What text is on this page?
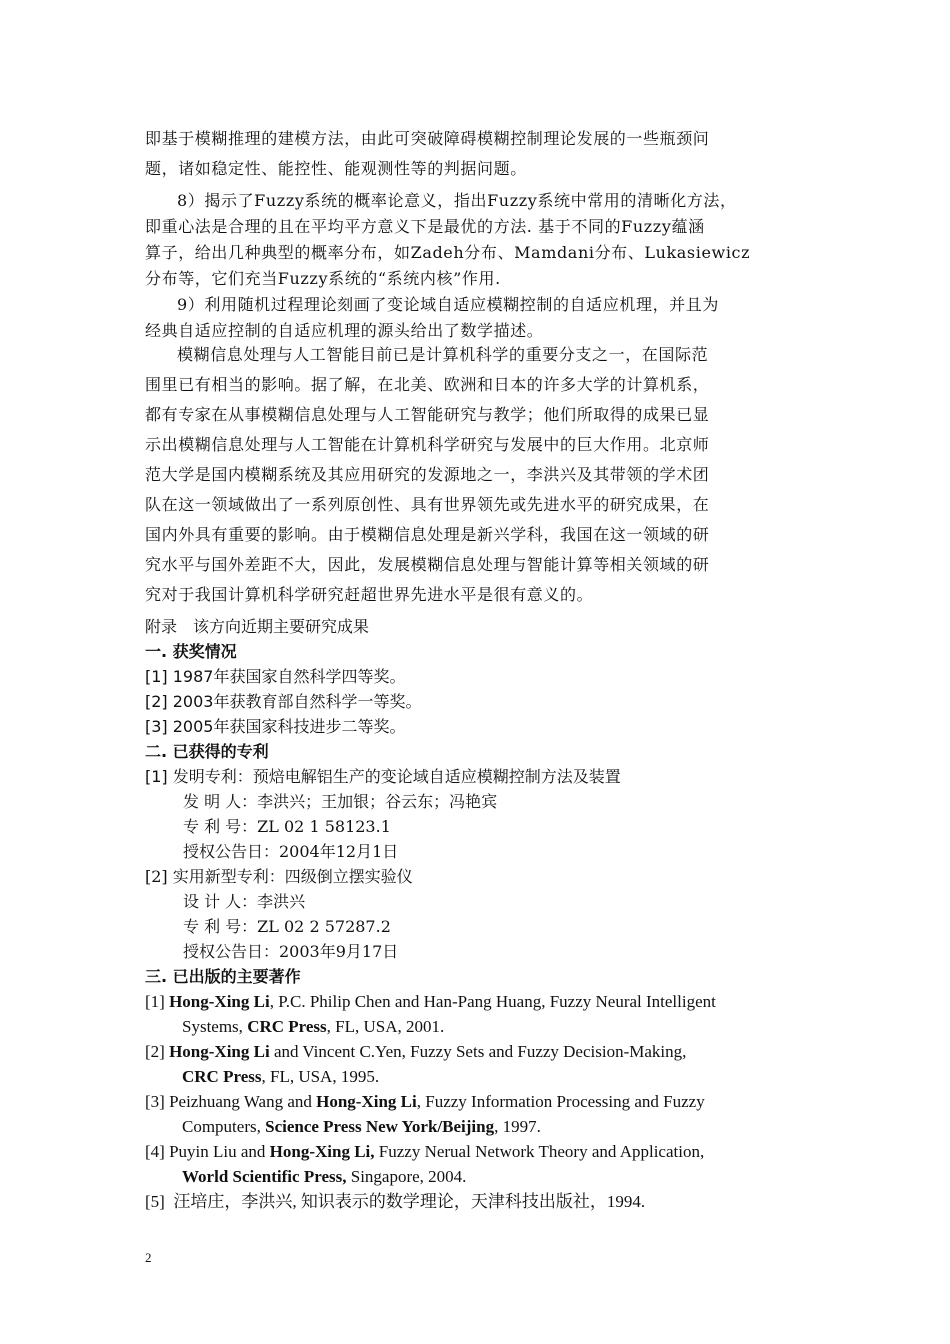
即基于模糊推理的建模方法，由此可突破障碍模糊控制理论发展的一些瓶颈问
题，诸如稳定性、能控性、能观测性等的判据问题。
8）揭示了Fuzzy系统的概率论意义，指出Fuzzy系统中常用的清晰化方法，
即重心法是合理的且在平均平方意义下是最优的方法. 基于不同的Fuzzy蕴涵
算子，给出几种典型的概率分布，如Zadeh分布、Mamdani分布、Lukasiewicz
分布等，它们充当Fuzzy系统的“系统内核”作用.
9）利用随机过程理论刻画了变论域自适应模糊控制的自适应机理，并且为
经典自适应控制的自适应机理的源头给出了数学描述。
模糊信息处理与人工智能目前已是计算机科学的重要分支之一，在国际范
围里已有相当的影响。据了解，在北美、欧洲和日本的许多大学的计算机系，
都有专家在从事模糊信息处理与人工智能研究与教学；他们所取得的成果已显
示出模糊信息处理与人工智能在计算机科学研究与发展中的巨大作用。北京师
范大学是国内模糊系统及其应用研究的发源地之一，李洪兴及其带领的学术团
队在这一领域做出了一系列原创性、具有世界领先或先进水平的研究成果，在
国内外具有重要的影响。由于模糊信息处理是新兴学科，我国在这一领域的研
究水平与国外差距不大，因此，发展模糊信息处理与智能计算等相关领域的研
究对于我国计算机科学研究赶超世界先进水平是很有意义的。
附录　该方向近期主要研究成果
一. 获奖情况
[1] 1987年获国家自然科学四等奖。
[2] 2003年获教育部自然科学一等奖。
[3] 2005年获国家科技进步二等奖。
二. 已获得的专利
[1] 发明专利：预焙电解铝生产的变论域自适应模糊控制方法及装置
发 明 人：李洪兴；王加银；谷云东；冯艳宾
专 利 号：ZL 02 1 58123.1
授权公告日：2004年12月1日
[2] 实用新型专利：四级倒立摆实验仪
设 计 人：李洪兴
专 利 号：ZL 02 2 57287.2
授权公告日：2003年9月17日
三. 已出版的主要著作
[1] Hong-Xing Li, P.C. Philip Chen and Han-Pang Huang, Fuzzy Neural Intelligent
Systems, CRC Press, FL, USA, 2001.
[2] Hong-Xing Li and Vincent C.Yen, Fuzzy Sets and Fuzzy Decision-Making,
CRC Press, FL, USA, 1995.
[3] Peizhuang Wang and Hong-Xing Li, Fuzzy Information Processing and Fuzzy
Computers, Science Press New York/Beijing, 1997.
[4] Puyin Liu and Hong-Xing Li, Fuzzy Nerual Network Theory and Application,
World Scientific Press, Singapore, 2004.
[5] 汪培庄，李洪兴, 知识表示的数学理论，天津科技出版社，1994.
2
